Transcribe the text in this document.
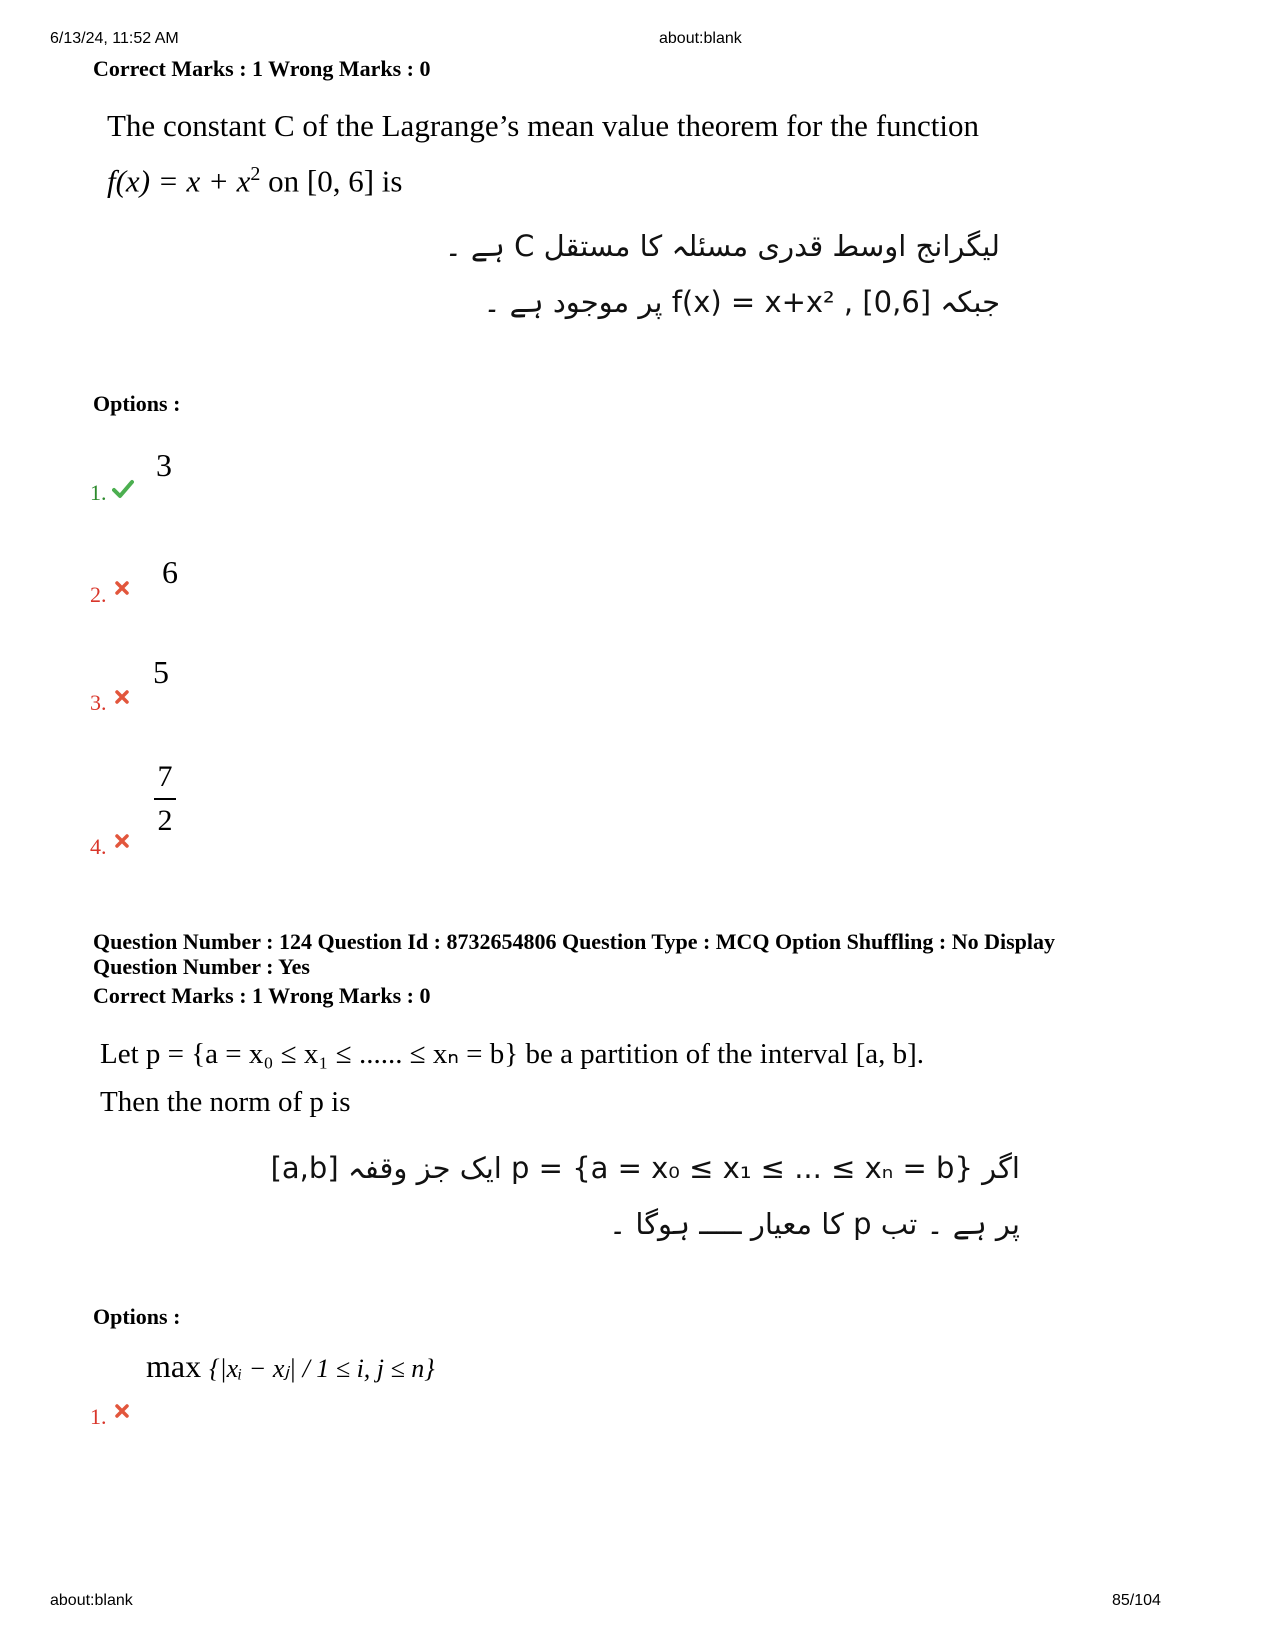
6/13/24, 11:52 AM	about:blank
Correct Marks : 1 Wrong Marks : 0
The constant C of the Lagrange’s mean value theorem for the function
$f(x) = x + x^2$ on [0, 6] is
لیگرانج اوسط قدری مسئلہ کا مستقل C ہے ۔
جبکہ f(x) = x+x² , [0,6] پر موجود ہے ۔
Options :
3
1.
6
2.
5
3.
7
2
4.
Question Number : 124 Question Id : 8732654806 Question Type : MCQ Option Shuffling : No Display
Question Number : Yes
Correct Marks : 1 Wrong Marks : 0
Let p = {a = x₀ ≤ x₁ ≤ ...... ≤ xₙ = b} be a partition of the interval [a, b].
Then the norm of p is
اگر p = {a = x₀ ≤ x₁ ≤ ... ≤ xₙ = b} ایک جز وقفہ [a,b]
پر ہے ۔ تب p کا معیار ـــــ ہوگا ۔
Options :
max {|xᵢ − xⱼ| / 1 ≤ i, j ≤ n}
1.
about:blank	85/104
